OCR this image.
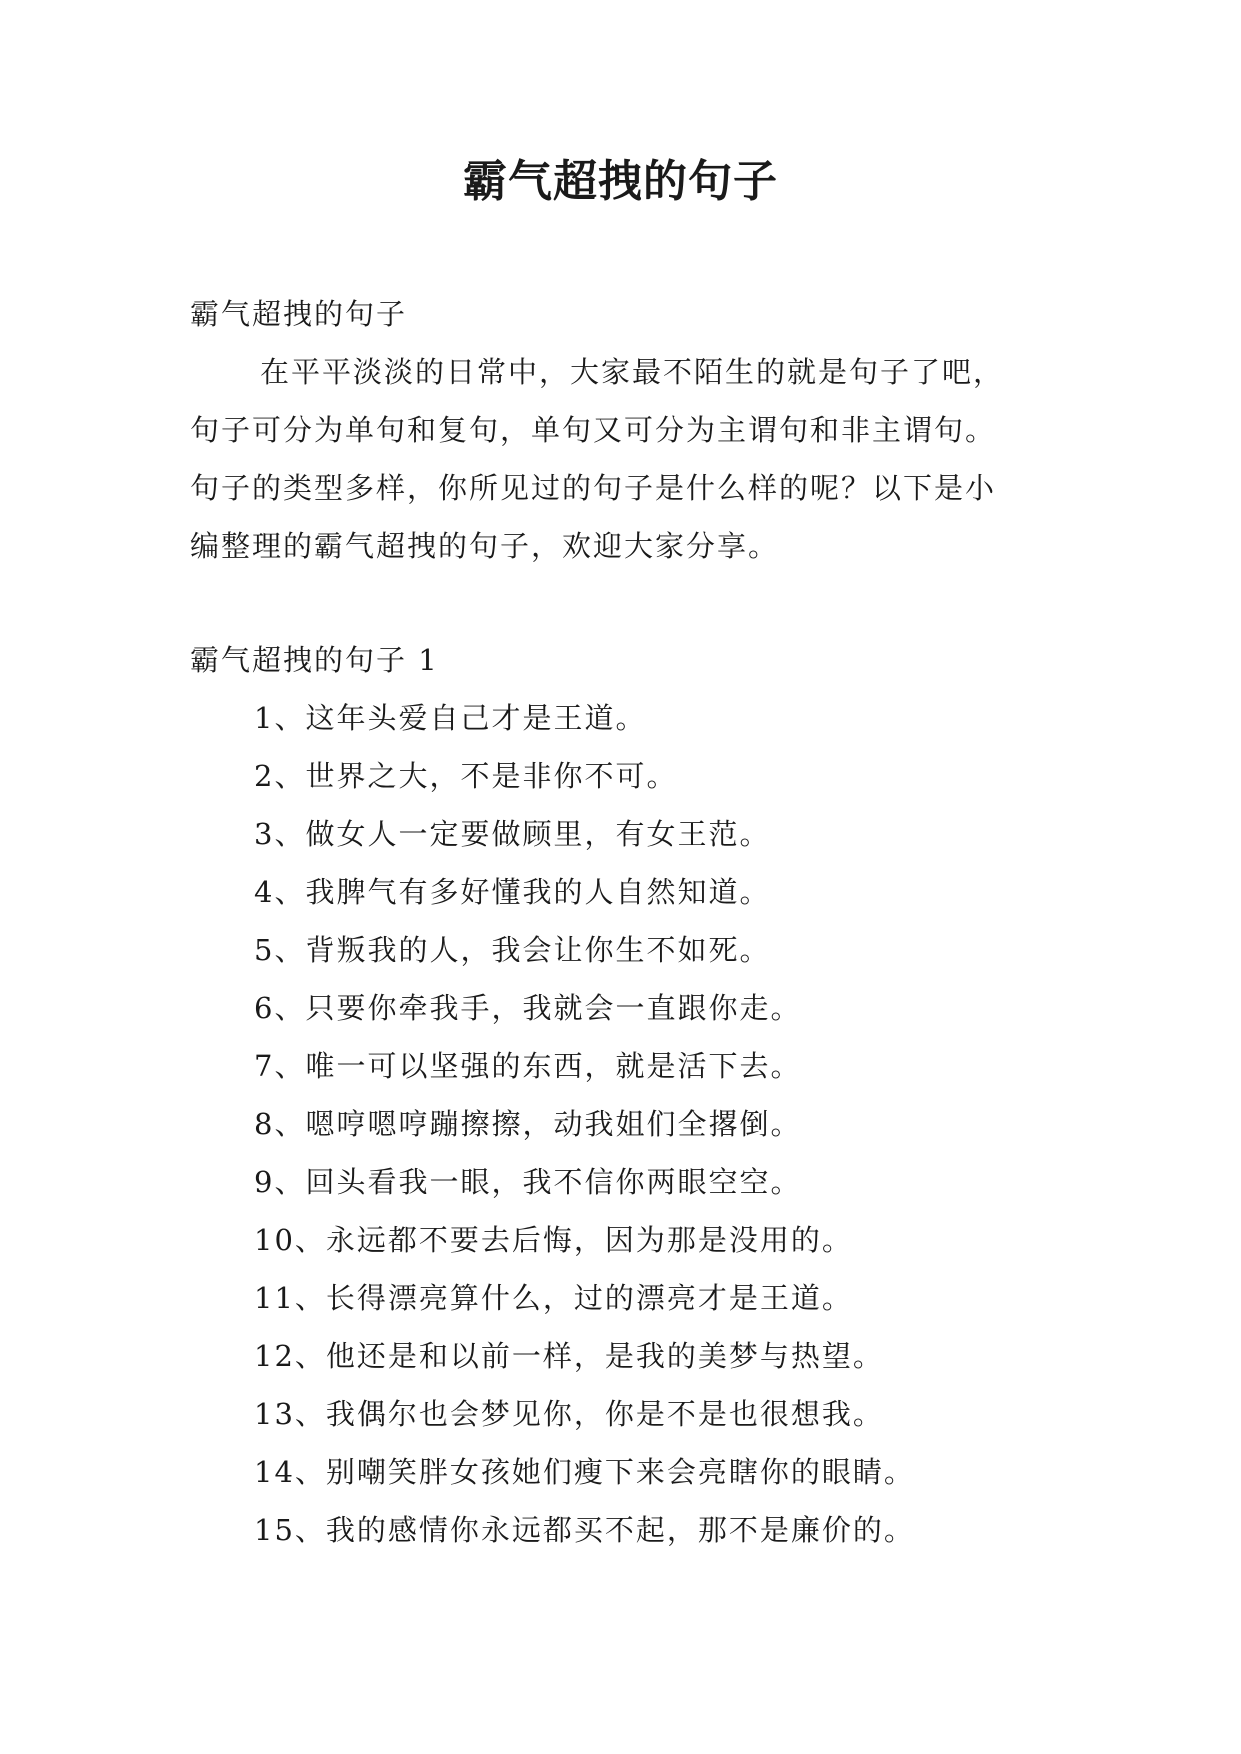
霸气超拽的句子

霸气超拽的句子

在平平淡淡的日常中，大家最不陌生的就是句子了吧，
句子可分为单句和复句，单句又可分为主谓句和非主谓句。
句子的类型多样，你所见过的句子是什么样的呢？以下是小
编整理的霸气超拽的句子，欢迎大家分享。

霸气超拽的句子 1

1、这年头爱自己才是王道。
2、世界之大，不是非你不可。
3、做女人一定要做顾里，有女王范。
4、我脾气有多好懂我的人自然知道。
5、背叛我的人，我会让你生不如死。
6、只要你牵我手，我就会一直跟你走。
7、唯一可以坚强的东西，就是活下去。
8、嗯哼嗯哼蹦擦擦，动我姐们全撂倒。
9、回头看我一眼，我不信你两眼空空。
10、永远都不要去后悔，因为那是没用的。
11、长得漂亮算什么，过的漂亮才是王道。
12、他还是和以前一样，是我的美梦与热望。
13、我偶尔也会梦见你，你是不是也很想我。
14、别嘲笑胖女孩她们瘦下来会亮瞎你的眼睛。
15、我的感情你永远都买不起，那不是廉价的。
